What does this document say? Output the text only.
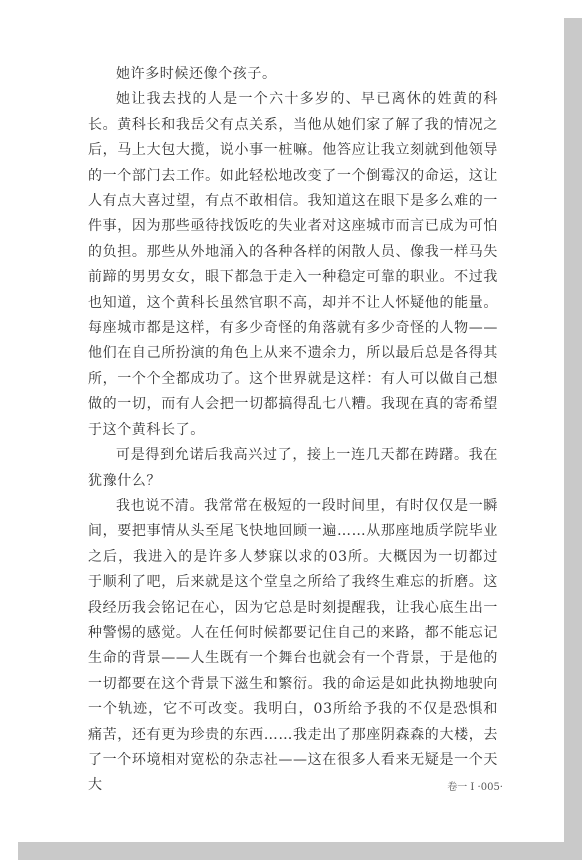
她许多时候还像个孩子。

她让我去找的人是一个六十多岁的、早已离休的姓黄的科长。黄科长和我岳父有点关系，当他从她们家了解了我的情况之后，马上大包大揽，说小事一桩嘛。他答应让我立刻就到他领导的一个部门去工作。如此轻松地改变了一个倒霉汉的命运，这让人有点大喜过望，有点不敢相信。我知道这在眼下是多么难的一件事，因为那些亟待找饭吃的失业者对这座城市而言已成为可怕的负担。那些从外地涌入的各种各样的闲散人员、像我一样马失前蹄的男男女女，眼下都急于走入一种稳定可靠的职业。不过我也知道，这个黄科长虽然官职不高，却并不让人怀疑他的能量。每座城市都是这样，有多少奇怪的角落就有多少奇怪的人物——他们在自己所扮演的角色上从来不遗余力，所以最后总是各得其所，一个个全都成功了。这个世界就是这样：有人可以做自己想做的一切，而有人会把一切都搞得乱七八糟。我现在真的寄希望于这个黄科长了。

可是得到允诺后我高兴过了，接上一连几天都在踌躇。我在犹豫什么？

我也说不清。我常常在极短的一段时间里，有时仅仅是一瞬间，要把事情从头至尾飞快地回顾一遍……从那座地质学院毕业之后，我进入的是许多人梦寐以求的03所。大概因为一切都过于顺利了吧，后来就是这个堂皇之所给了我终生难忘的折磨。这段经历我会铭记在心，因为它总是时刻提醒我，让我心底生出一种警惕的感觉。人在任何时候都要记住自己的来路，都不能忘记生命的背景——人生既有一个舞台也就会有一个背景，于是他的一切都要在这个背景下滋生和繁衍。我的命运是如此执拗地驶向一个轨迹，它不可改变。我明白，03所给予我的不仅是恐惧和痛苦，还有更为珍贵的东西……我走出了那座阴森森的大楼，去了一个环境相对宽松的杂志社——这在很多人看来无疑是一个天大	卷一 Ⅰ ·005·
